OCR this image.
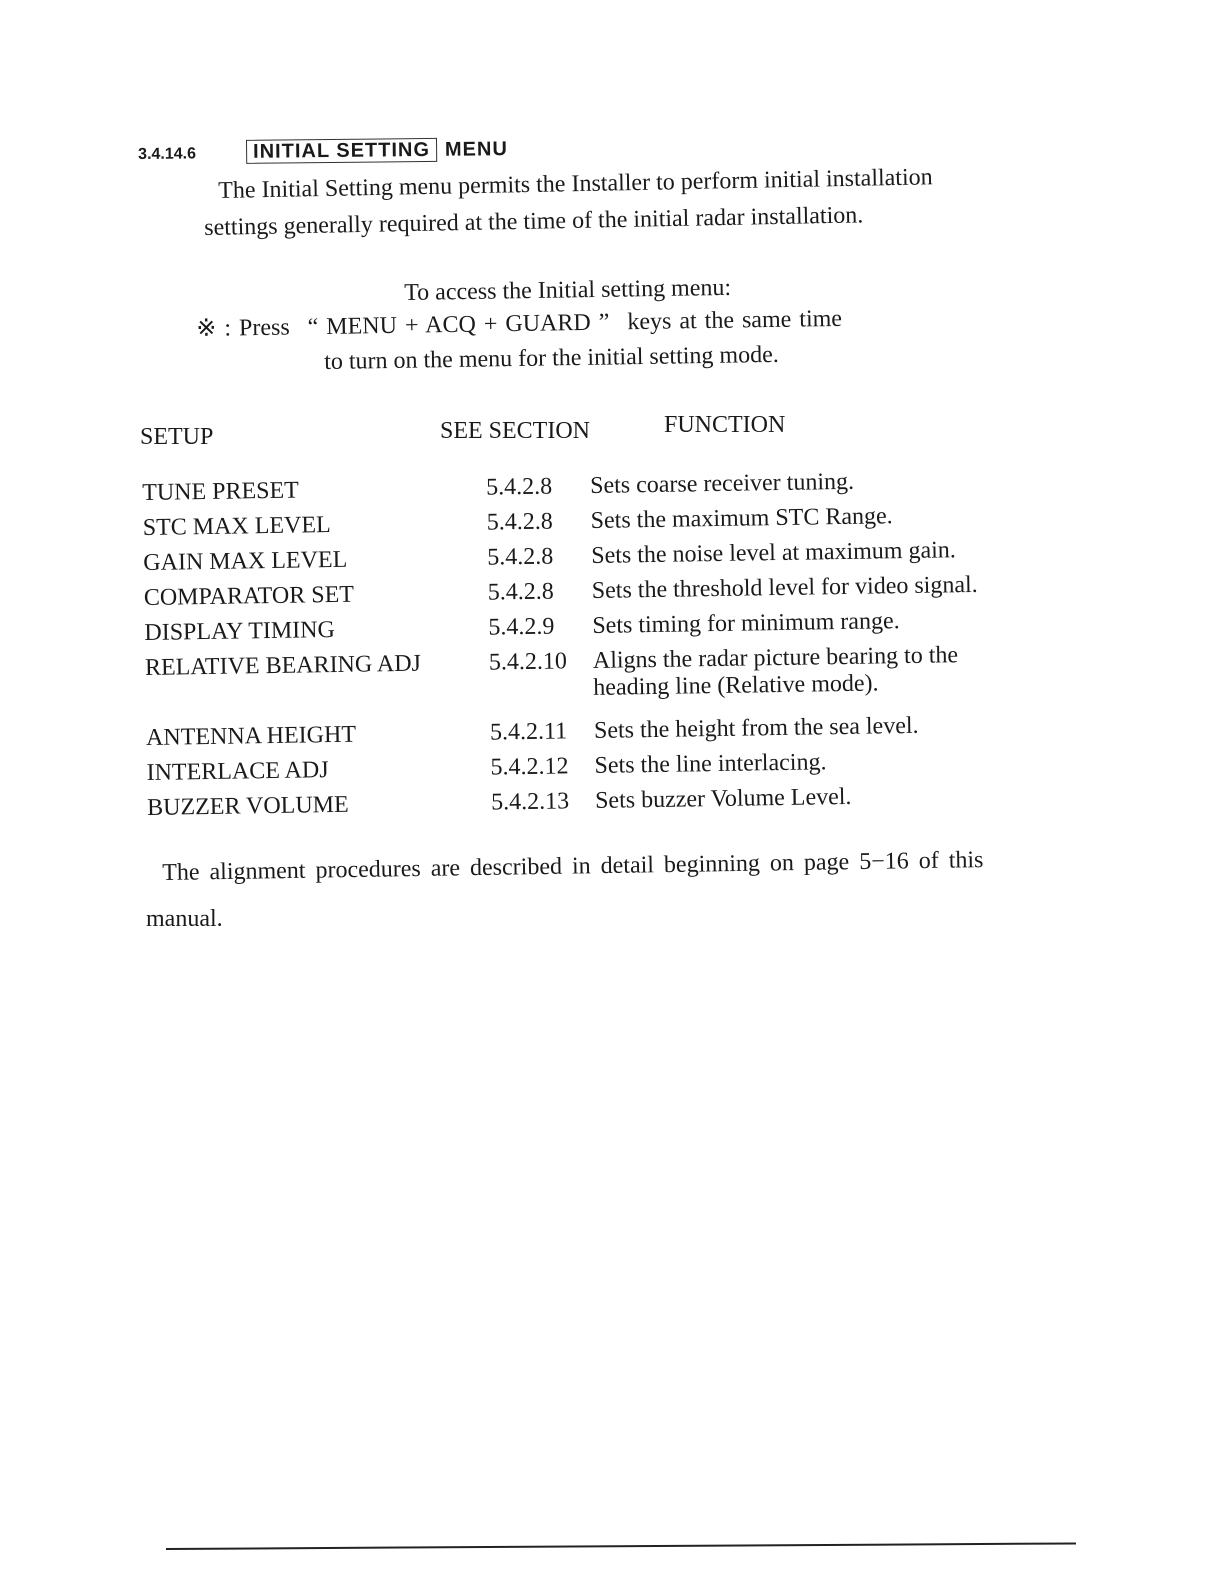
3.4.14.6	INITIAL SETTING MENU
The Initial Setting menu permits the Installer to perform initial installation
settings generally required at the time of the initial radar installation.
To access the Initial setting menu:
※ : Press “ MENU + ACQ + GUARD ” keys at the same time
to turn on the menu for the initial setting mode.
SETUP	SEE SECTION	FUNCTION
TUNE PRESET	5.4.2.8 Sets coarse receiver tuning.
STC MAX LEVEL	5.4.2.8 Sets the maximum STC Range.
GAIN MAX LEVEL	5.4.2.8 Sets the noise level at maximum gain.
COMPARATOR SET	5.4.2.8 Sets the threshold level for video signal.
DISPLAY TIMING	5.4.2.9 Sets timing for minimum range.
RELATIVE BEARING ADJ	5.4.2.10 Aligns the radar picture bearing to the
heading line (Relative mode).
ANTENNA HEIGHT	5.4.2.11 Sets the height from the sea level.
INTERLACE ADJ	5.4.2.12 Sets the line interlacing.
BUZZER VOLUME	5.4.2.13 Sets buzzer Volume Level.
The alignment procedures are described in detail beginning on page 5−16 of this
manual.
